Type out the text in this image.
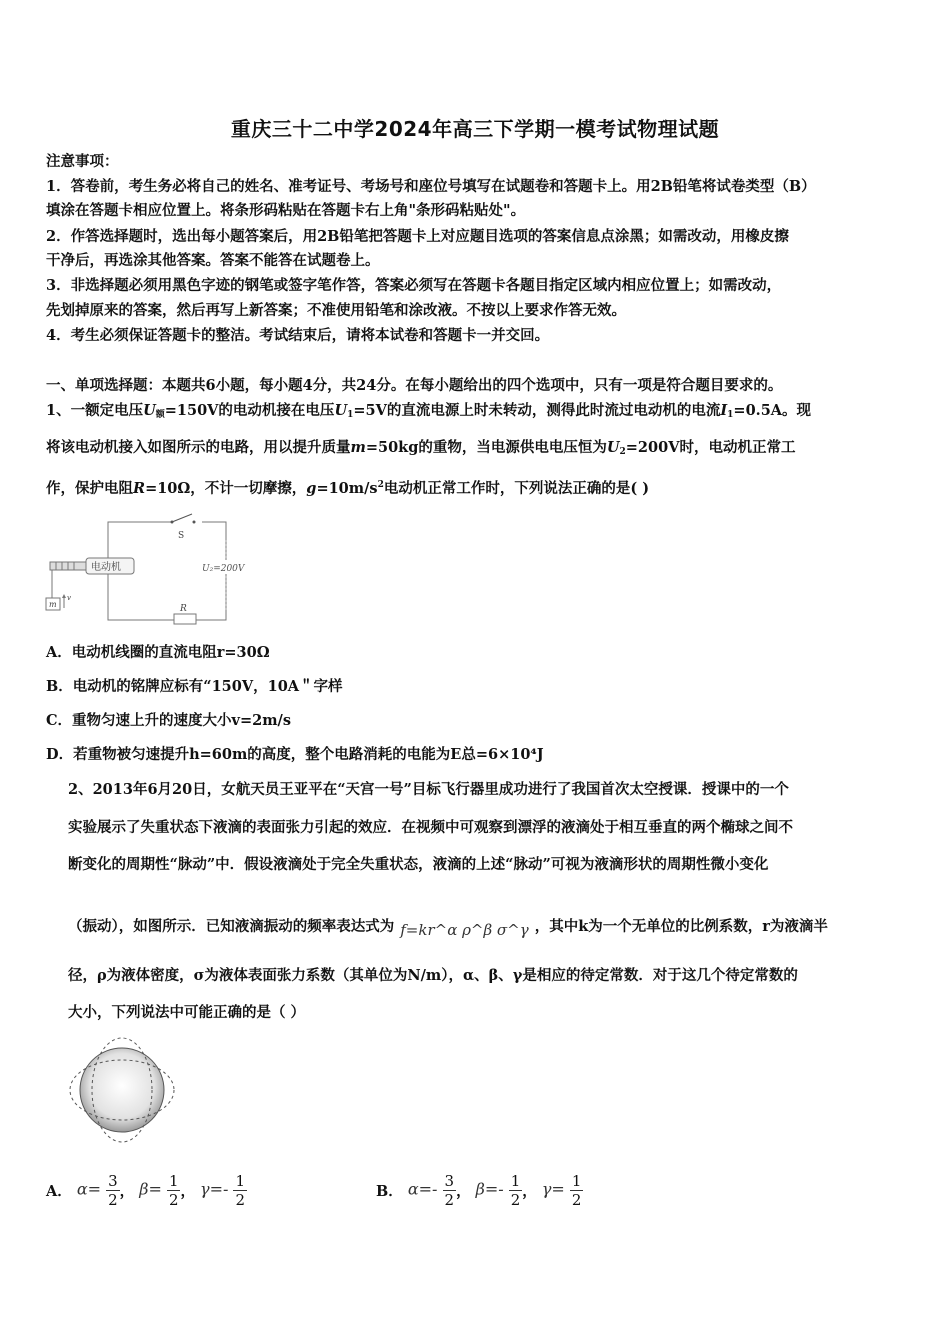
重庆三十二中学2024年高三下学期一模考试物理试题
注意事项：
1．答卷前，考生务必将自己的姓名、准考证号、考场号和座位号填写在试题卷和答题卡上。用2B铅笔将试卷类型（B）
填涂在答题卡相应位置上。将条形码粘贴在答题卡右上角"条形码粘贴处"。
2．作答选择题时，选出每小题答案后，用2B铅笔把答题卡上对应题目选项的答案信息点涂黑；如需改动，用橡皮擦
干净后，再选涂其他答案。答案不能答在试题卷上。
3．非选择题必须用黑色字迹的钢笔或签字笔作答，答案必须写在答题卡各题目指定区域内相应位置上；如需改动，
先划掉原来的答案，然后再写上新答案；不准使用铅笔和涂改液。不按以上要求作答无效。
4．考生必须保证答题卡的整洁。考试结束后，请将本试卷和答题卡一并交回。
一、单项选择题：本题共6小题，每小题4分，共24分。在每小题给出的四个选项中，只有一项是符合题目要求的。
1、一额定电压$U_额=150V$的电动机接在电压$U_1=5V$的直流电源上时未转动，测得此时流过电动机的电流$I_1=0.5A$。现
将该电动机接入如图所示的电路，用以提升质量m=50kg的重物，当电源供电电压恒为$U_2=200V$时，电动机正常工
作，保护电阻R=10Ω，不计一切摩擦，$g=10m/s^2$电动机正常工作时，下列说法正确的是( )
S
电动机
m
v
R
U₂=200V
A．电动机线圈的直流电阻r=30Ω
B．电动机的铭牌应标有“150V，10A＂字样
C．重物匀速上升的速度大小v=2m/s
D．若重物被匀速提升h=60m的高度，整个电路消耗的电能为E总=6×10⁴J
2、2013年6月20日，女航天员王亚平在“天宫一号”目标飞行器里成功进行了我国首次太空授课．授课中的一个
实验展示了失重状态下液滴的表面张力引起的效应．在视频中可观察到漂浮的液滴处于相互垂直的两个椭球之间不
断变化的周期性“脉动”中．假设液滴处于完全失重状态，液滴的上述“脉动”可视为液滴形状的周期性微小变化
（振动），如图所示．已知液滴振动的频率表达式为 f=kr^α ρ^β σ^γ ，其中k为一个无单位的比例系数，r为液滴半
径，ρ为液体密度，σ为液体表面张力系数（其单位为N/m），α、β、γ是相应的待定常数．对于这几个待定常数的
大小，下列说法中可能正确的是（ ）
A． $\alpha= \frac{3}{2}$ ， $\beta= \frac{1}{2}$ ， $\gamma=- \frac{1}{2}$	B． $\alpha=- \frac{3}{2}$ ， $\beta=- \frac{1}{2}$ ， $\gamma= \frac{1}{2}$
